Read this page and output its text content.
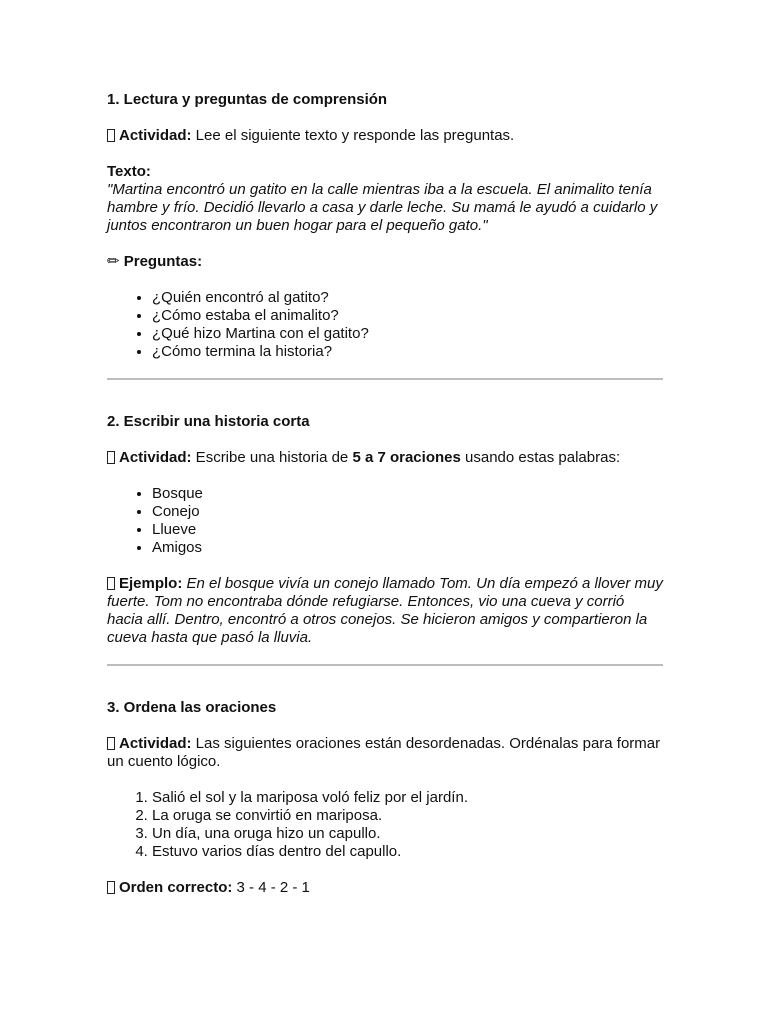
1. Lectura y preguntas de comprensión

Actividad: Lee el siguiente texto y responde las preguntas.

Texto:

"Martina encontró un gatito en la calle mientras iba a la escuela. El animalito tenía hambre y frío. Decidió llevarlo a casa y darle leche. Su mamá le ayudó a cuidarlo y juntos encontraron un buen hogar para el pequeño gato."

✏ Preguntas:

• ¿Quién encontró al gatito?
• ¿Cómo estaba el animalito?
• ¿Qué hizo Martina con el gatito?
• ¿Cómo termina la historia?
2. Escribir una historia corta

Actividad: Escribe una historia de 5 a 7 oraciones usando estas palabras:

• Bosque
• Conejo
• Llueve
• Amigos

Ejemplo: En el bosque vivía un conejo llamado Tom. Un día empezó a llover muy fuerte. Tom no encontraba dónde refugiarse. Entonces, vio una cueva y corrió hacia allí. Dentro, encontró a otros conejos. Se hicieron amigos y compartieron la cueva hasta que pasó la lluvia.

3. Ordena las oraciones

Actividad: Las siguientes oraciones están desordenadas. Ordénalas para formar un cuento lógico.

1. Salió el sol y la mariposa voló feliz por el jardín.
2. La oruga se convirtió en mariposa.
3. Un día, una oruga hizo un capullo.
4. Estuvo varios días dentro del capullo.

Orden correcto: 3 - 4 - 2 - 1
